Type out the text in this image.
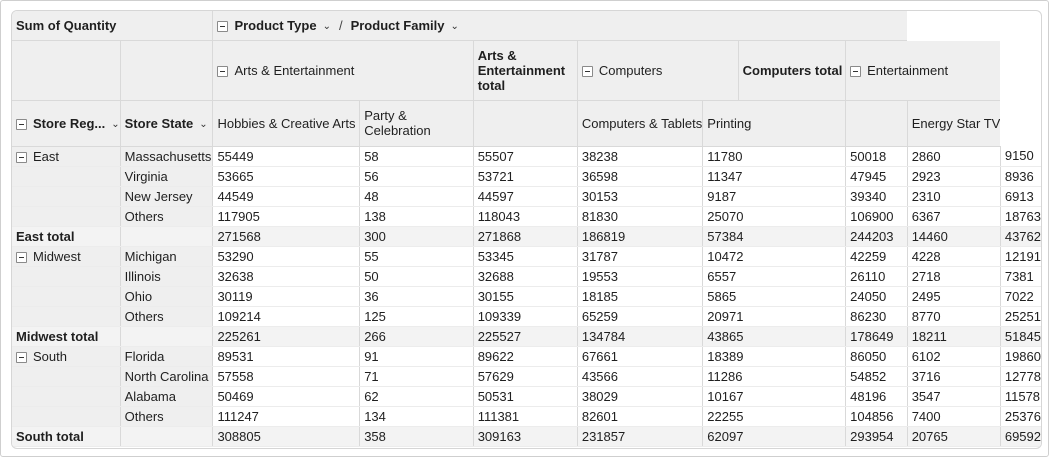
Sum of Quantity		Product Type ⌄ / Product Family ⌄								
		Arts & Entertainment		Arts & Entertainment total	Computers		Computers total	Entertainment		
Store Reg... ⌄	Store State ⌄	Hobbies & Creative Arts	Party & Celebration		Computers & Tablets	Printing			Energy Star TV	
East	Massachusetts	55449	58	55507	38238	11780		50018	2860	9150
	Virginia	53665	56	53721	36598	11347		47945	2923	8936
	New Jersey	44549	48	44597	30153	9187		39340	2310	6913
	Others	117905	138	118043	81830	25070		106900	6367	18763
East total		271568	300	271868	186819	57384		244203	14460	43762
Midwest	Michigan	53290	55	53345	31787	10472		42259	4228	12191
	Illinois	32638	50	32688	19553	6557		26110	2718	7381
	Ohio	30119	36	30155	18185	5865		24050	2495	7022
	Others	109214	125	109339	65259	20971		86230	8770	25251
Midwest total		225261	266	225527	134784	43865		178649	18211	51845
South	Florida	89531	91	89622	67661	18389		86050	6102	19860
	North Carolina	57558	71	57629	43566	11286		54852	3716	12778
	Alabama	50469	62	50531	38029	10167		48196	3547	11578
	Others	111247	134	111381	82601	22255		104856	7400	25376
South total		308805	358	309163	231857	62097		293954	20765	69592
